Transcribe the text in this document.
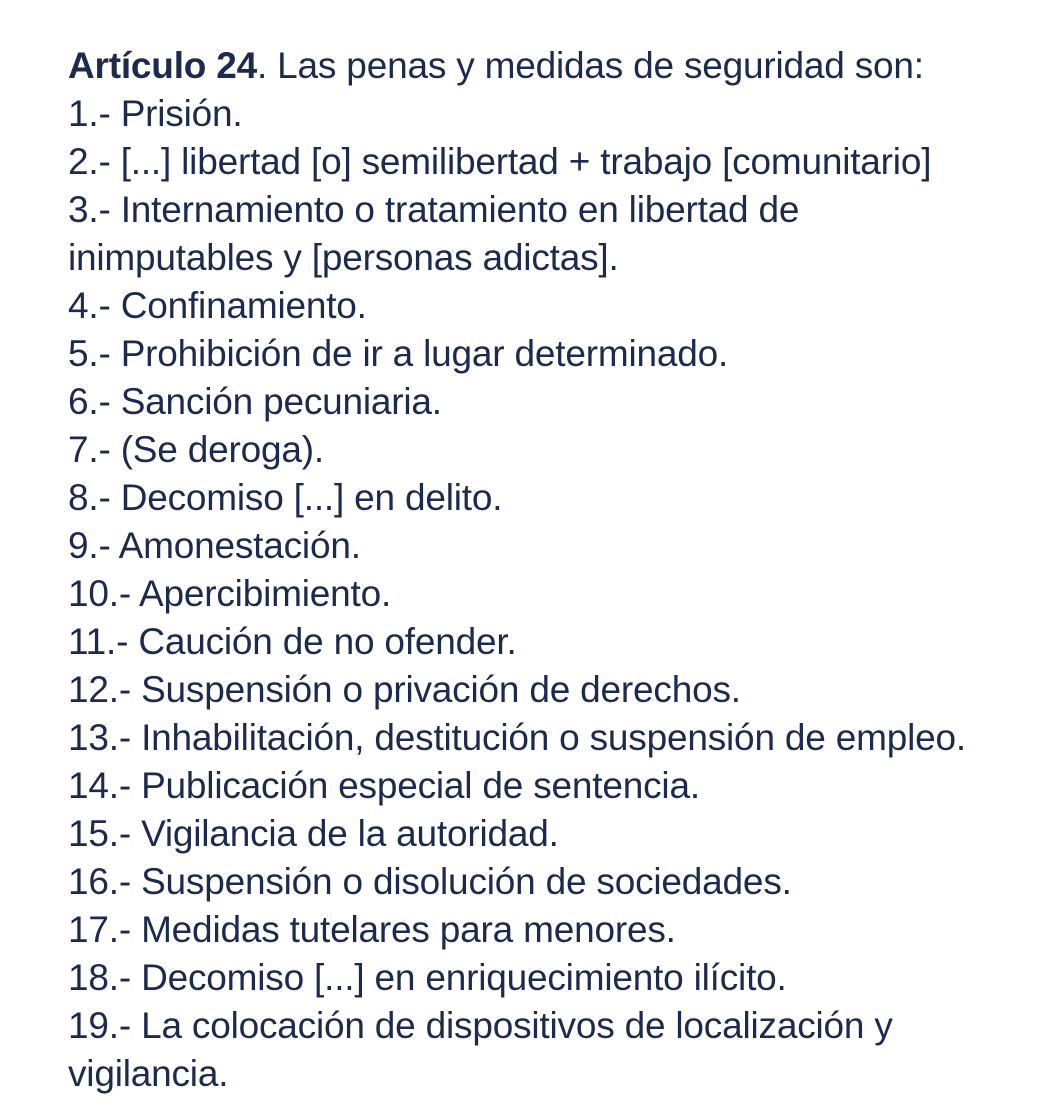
Artículo 24. Las penas y medidas de seguridad son:

1.- Prisión.
2.- [...] libertad [o] semilibertad + trabajo [comunitario]
3.- Internamiento o tratamiento en libertad de
inimputables y [personas adictas].
4.- Confinamiento.
5.- Prohibición de ir a lugar determinado.
6.- Sanción pecuniaria.
7.- (Se deroga).
8.- Decomiso [...] en delito.
9.- Amonestación.
10.- Apercibimiento.
11.- Caución de no ofender.
12.- Suspensión o privación de derechos.
13.- Inhabilitación, destitución o suspensión de empleo.
14.- Publicación especial de sentencia.
15.- Vigilancia de la autoridad.
16.- Suspensión o disolución de sociedades.
17.- Medidas tutelares para menores.
18.- Decomiso [...] en enriquecimiento ilícito.
19.- La colocación de dispositivos de localización y
vigilancia.
